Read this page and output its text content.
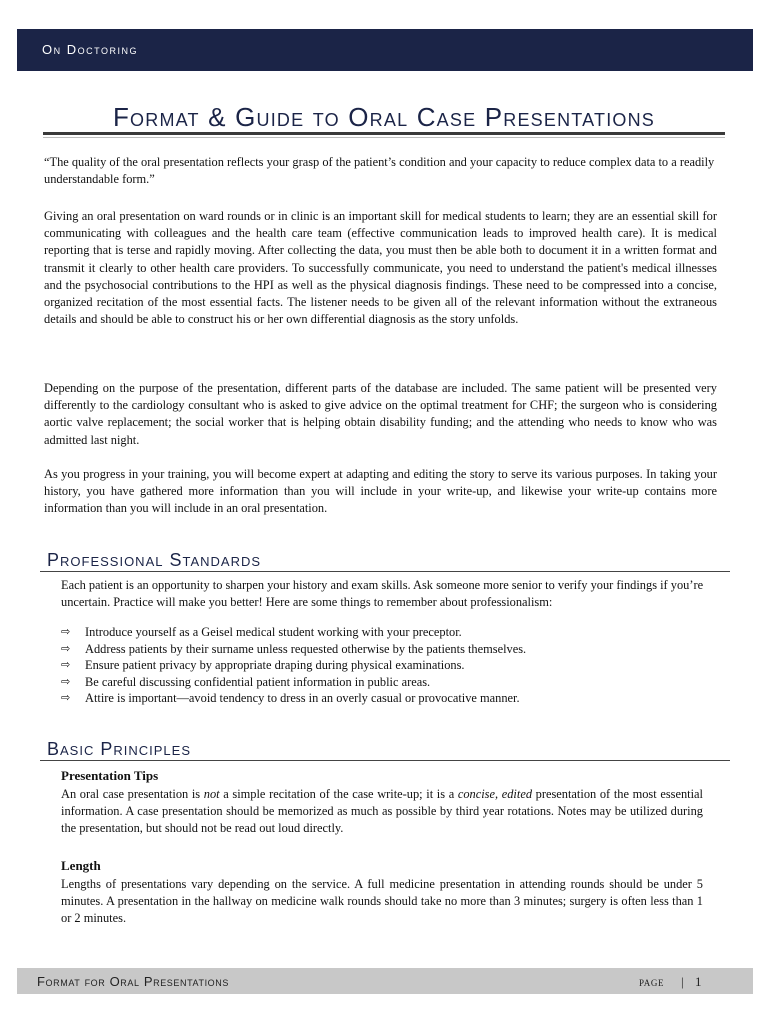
On Doctoring
Format & Guide to Oral Case Presentations

“The quality of the oral presentation reflects your grasp of the patient’s condition and your capacity to reduce complex data to a readily understandable form.”

Giving an oral presentation on ward rounds or in clinic is an important skill for medical students to learn; they are an essential skill for communicating with colleagues and the health care team (effective communication leads to improved health care). It is medical reporting that is terse and rapidly moving. After collecting the data, you must then be able both to document it in a written format and transmit it clearly to other health care providers. To successfully communicate, you need to understand the patient's medical illnesses and the psychosocial contributions to the HPI as well as the physical diagnosis findings. These need to be compressed into a concise, organized recitation of the most essential facts. The listener needs to be given all of the relevant information without the extraneous details and should be able to construct his or her own differential diagnosis as the story unfolds.

Depending on the purpose of the presentation, different parts of the database are included. The same patient will be presented very differently to the cardiology consultant who is asked to give advice on the optimal treatment for CHF; the surgeon who is considering aortic valve replacement; the social worker that is helping obtain disability funding; and the attending who needs to know who was admitted last night.

As you progress in your training, you will become expert at adapting and editing the story to serve its various purposes. In taking your history, you have gathered more information than you will include in your write-up, and likewise your write-up contains more information than you will include in an oral presentation.

Professional Standards

Each patient is an opportunity to sharpen your history and exam skills. Ask someone more senior to verify your findings if you’re uncertain. Practice will make you better! Here are some things to remember about professionalism:

⇨ Introduce yourself as a Geisel medical student working with your preceptor.
⇨ Address patients by their surname unless requested otherwise by the patients themselves.
⇨ Ensure patient privacy by appropriate draping during physical examinations.
⇨ Be careful discussing confidential patient information in public areas.
⇨ Attire is important—avoid tendency to dress in an overly casual or provocative manner.
Basic Principles
Presentation Tips

An oral case presentation is not a simple recitation of the case write-up; it is a concise, edited presentation of the most essential information. A case presentation should be memorized as much as possible by third year rotations. Notes may be utilized during the presentation, but should not be read out loud directly.

Length

Lengths of presentations vary depending on the service. A full medicine presentation in attending rounds should be under 5 minutes. A presentation in the hallway on medicine walk rounds should take no more than 3 minutes; surgery is often less than 1 or 2 minutes.

Format for Oral Presentations	page | 1
